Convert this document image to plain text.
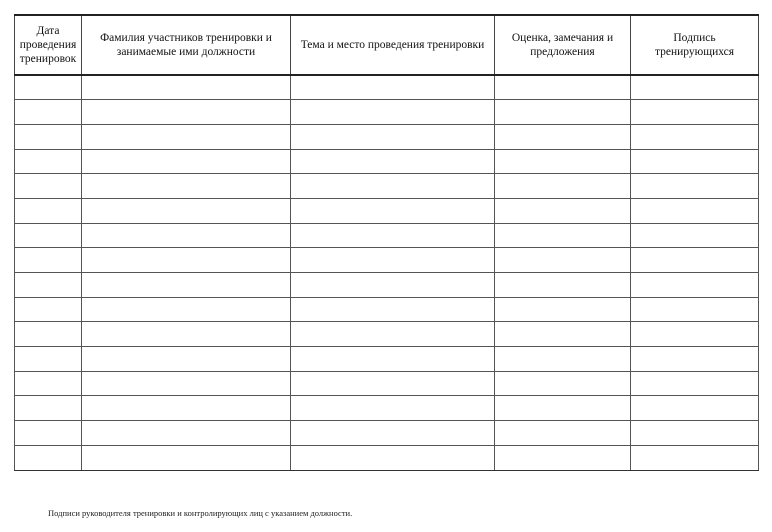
Дата проведения тренировок	Фамилия участников тренировки и занимаемые ими должности	Тема и место проведения тренировки	Оценка, замечания и предложения	Подпись тренирующихся

Подписи руководителя тренировки и контролирующих лиц с указанием должности.
